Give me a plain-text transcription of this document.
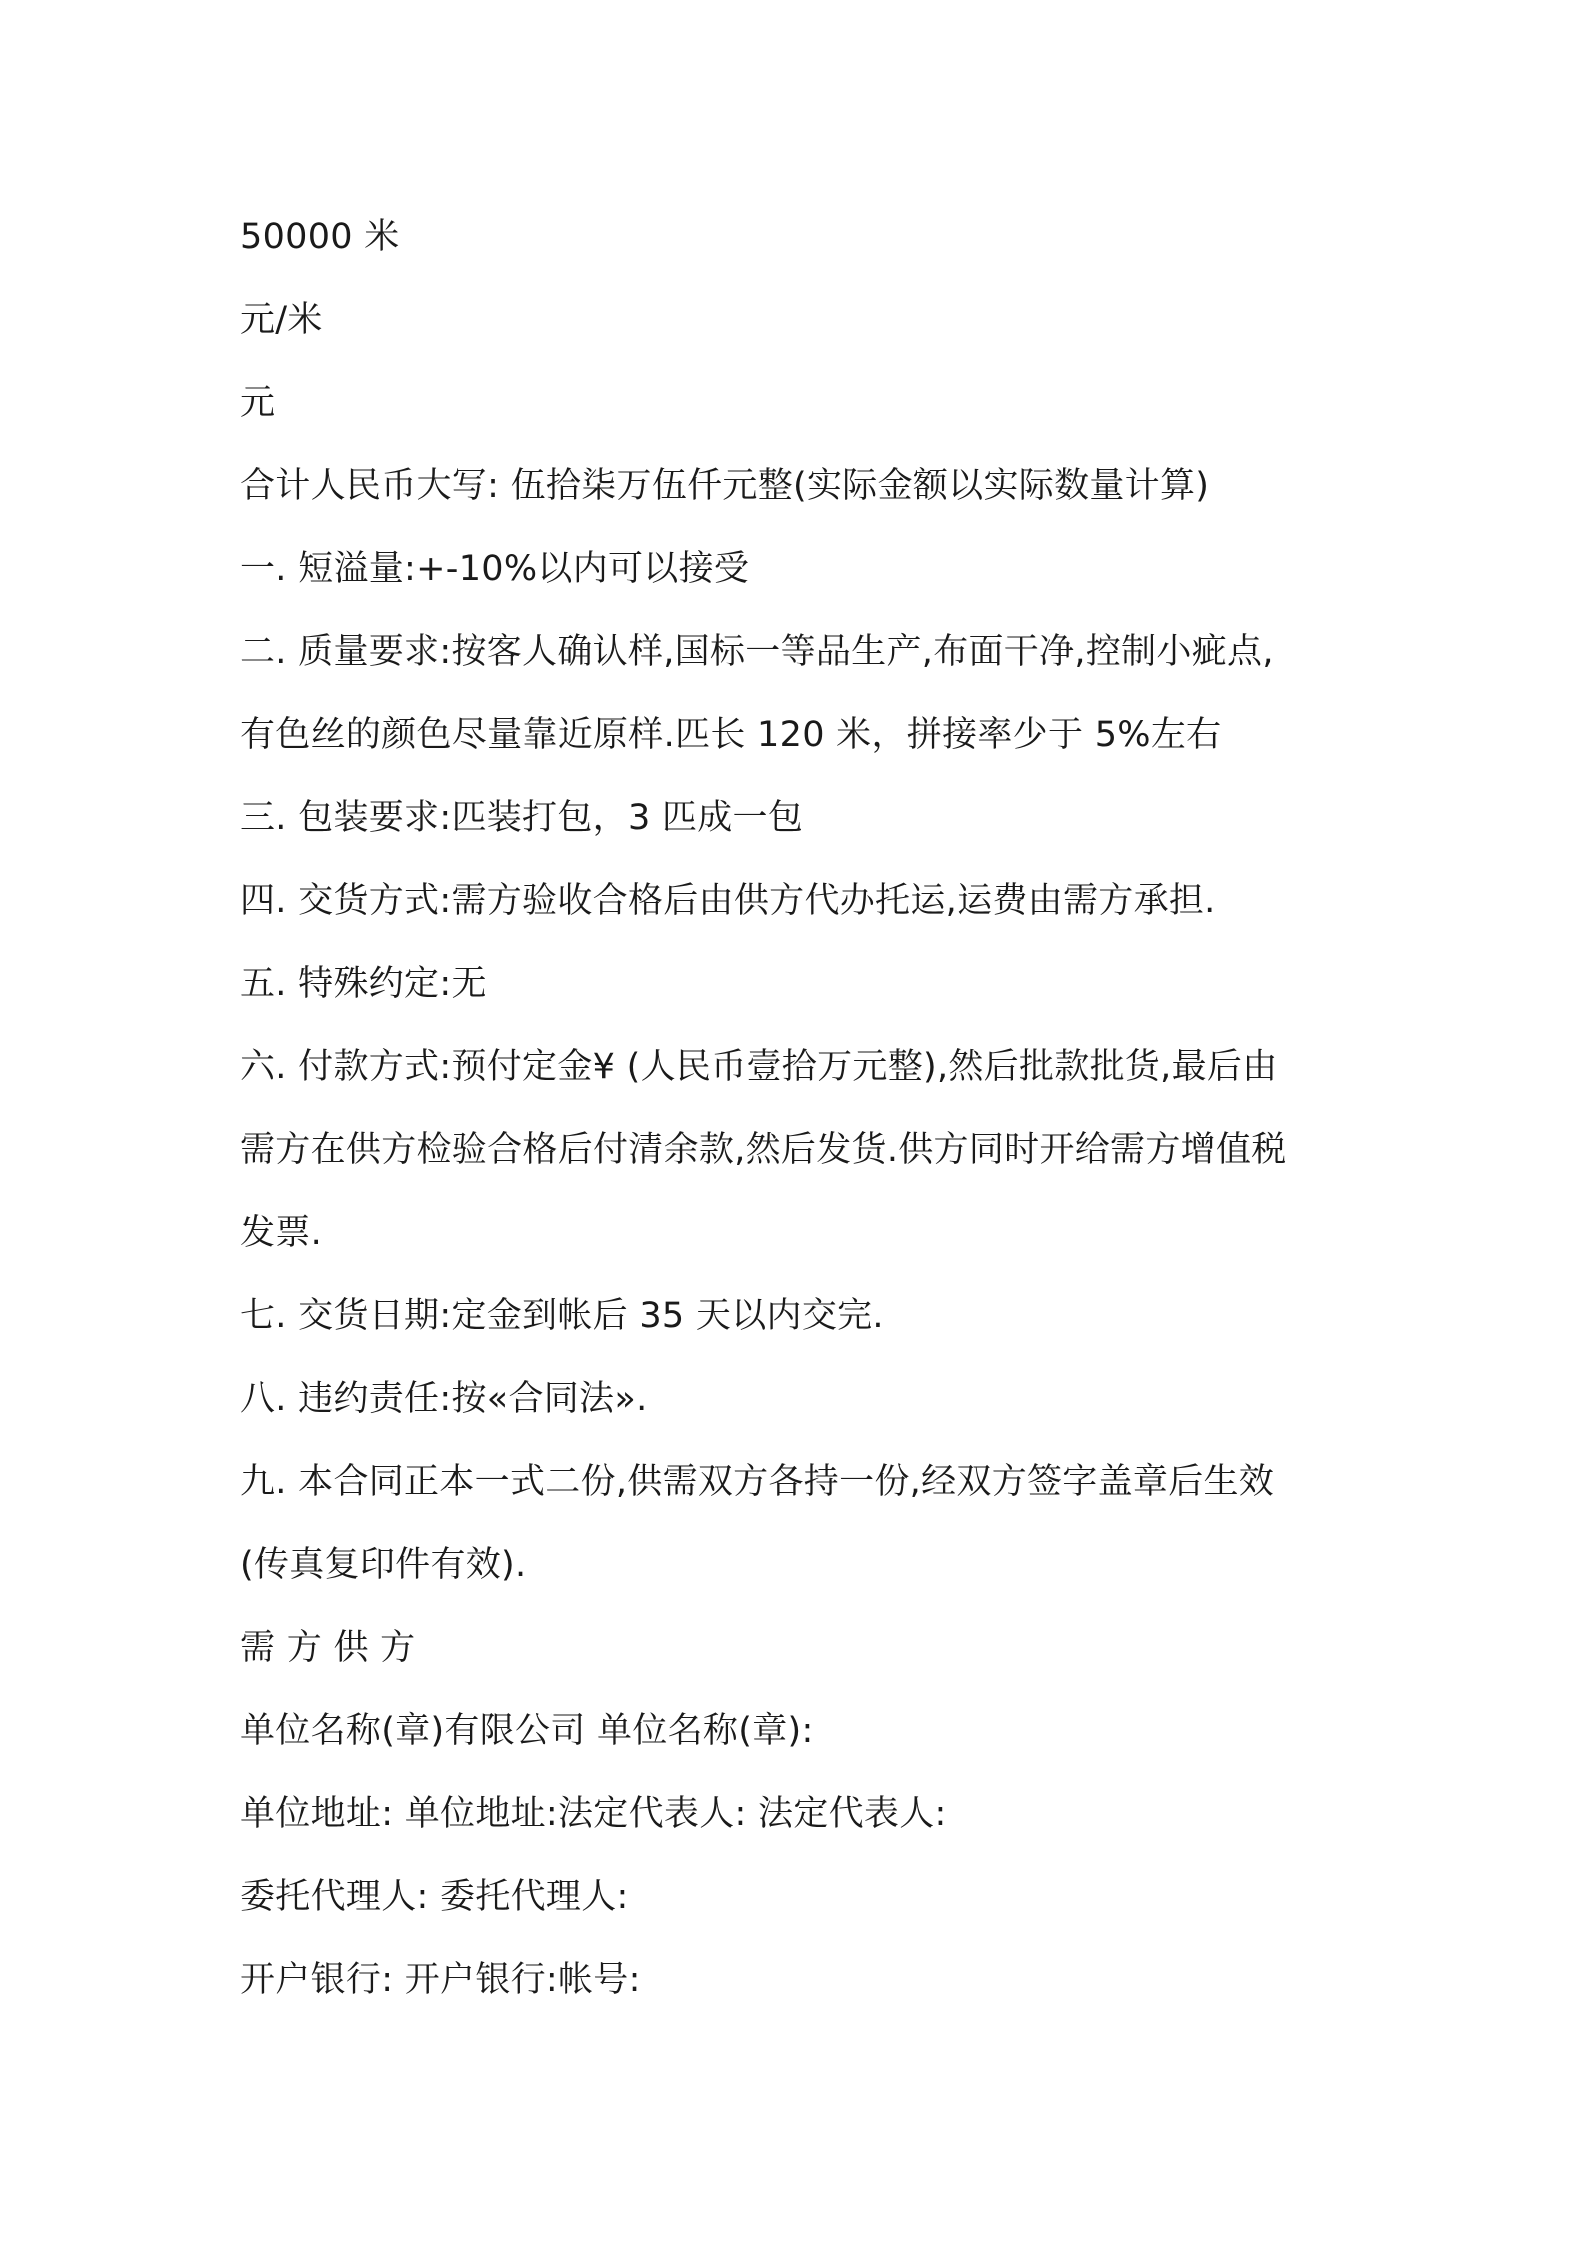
50000 米
元/米
元
合计人民币大写: 伍拾柒万伍仟元整(实际金额以实际数量计算)
一. 短溢量:+-10%以内可以接受
二. 质量要求:按客人确认样,国标一等品生产,布面干净,控制小疵点,
有色丝的颜色尽量靠近原样.匹长 120 米，拼接率少于 5%左右
三. 包装要求:匹装打包，3 匹成一包
四. 交货方式:需方验收合格后由供方代办托运,运费由需方承担.
五. 特殊约定:无
六. 付款方式:预付定金¥ (人民币壹拾万元整),然后批款批货,最后由
需方在供方检验合格后付清余款,然后发货.供方同时开给需方增值税
发票.
七. 交货日期:定金到帐后 35 天以内交完.
八. 违约责任:按«合同法».
九. 本合同正本一式二份,供需双方各持一份,经双方签字盖章后生效
(传真复印件有效).
需 方 供 方
单位名称(章)有限公司 单位名称(章):
单位地址: 单位地址:法定代表人: 法定代表人:
委托代理人: 委托代理人:
开户银行: 开户银行:帐号:
